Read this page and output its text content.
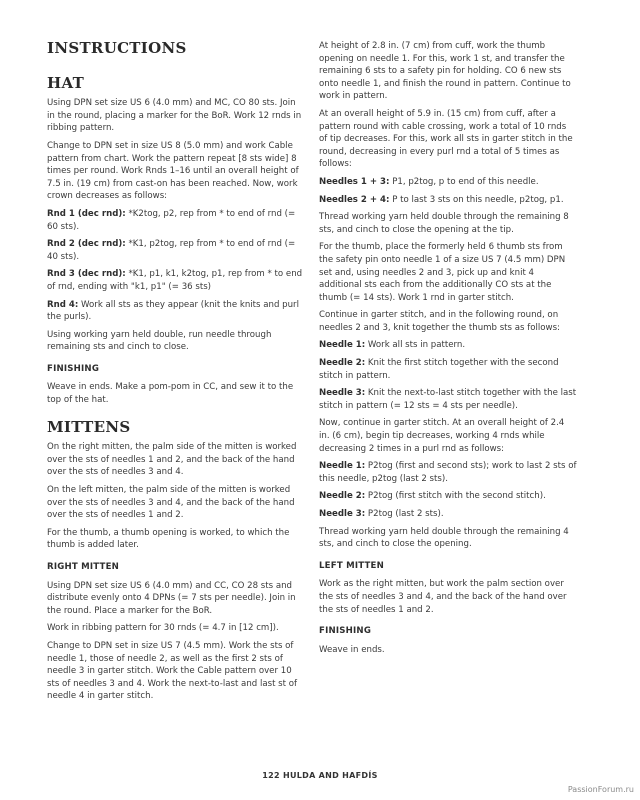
INSTRUCTIONS
HAT

Using DPN set size US 6 (4.0 mm) and MC, CO 80 sts. Join in the round, placing a marker for the BoR. Work 12 rnds in ribbing pattern.

Change to DPN set in size US 8 (5.0 mm) and work Cable pattern from chart. Work the pattern repeat [8 sts wide] 8 times per round. Work Rnds 1–16 until an overall height of 7.5 in. (19 cm) from cast-on has been reached. Now, work crown decreases as follows:

Rnd 1 (dec rnd): *K2tog, p2, rep from * to end of rnd (= 60 sts).

Rnd 2 (dec rnd): *K1, p2tog, rep from * to end of rnd (= 40 sts).

Rnd 3 (dec rnd): *K1, p1, k1, k2tog, p1, rep from * to end of rnd, ending with "k1, p1" (= 36 sts)

Rnd 4: Work all sts as they appear (knit the knits and purl the purls).

Using working yarn held double, run needle through remaining sts and cinch to close.

FINISHING

Weave in ends. Make a pom-pom in CC, and sew it to the top of the hat.

MITTENS

On the right mitten, the palm side of the mitten is worked over the sts of needles 1 and 2, and the back of the hand over the sts of needles 3 and 4.

On the left mitten, the palm side of the mitten is worked over the sts of needles 3 and 4, and the back of the hand over the sts of needles 1 and 2.

For the thumb, a thumb opening is worked, to which the thumb is added later.

RIGHT MITTEN

Using DPN set size US 6 (4.0 mm) and CC, CO 28 sts and distribute evenly onto 4 DPNs (= 7 sts per needle). Join in the round. Place a marker for the BoR.

Work in ribbing pattern for 30 rnds (= 4.7 in [12 cm]).

Change to DPN set in size US 7 (4.5 mm). Work the sts of needle 1, those of needle 2, as well as the first 2 sts of needle 3 in garter stitch. Work the Cable pattern over 10 sts of needles 3 and 4. Work the next-to-last and last st of needle 4 in garter stitch.

At height of 2.8 in. (7 cm) from cuff, work the thumb opening on needle 1. For this, work 1 st, and transfer the remaining 6 sts to a safety pin for holding. CO 6 new sts onto needle 1, and finish the round in pattern. Continue to work in pattern.

At an overall height of 5.9 in. (15 cm) from cuff, after a pattern round with cable crossing, work a total of 10 rnds of tip decreases. For this, work all sts in garter stitch in the round, decreasing in every purl rnd a total of 5 times as follows:

Needles 1 + 3: P1, p2tog, p to end of this needle.

Needles 2 + 4: P to last 3 sts on this needle, p2tog, p1.

Thread working yarn held double through the remaining 8 sts, and cinch to close the opening at the tip.

For the thumb, place the formerly held 6 thumb sts from the safety pin onto needle 1 of a size US 7 (4.5 mm) DPN set and, using needles 2 and 3, pick up and knit 4 additional sts each from the additionally CO sts at the thumb (= 14 sts). Work 1 rnd in garter stitch.

Continue in garter stitch, and in the following round, on needles 2 and 3, knit together the thumb sts as follows:

Needle 1: Work all sts in pattern.

Needle 2: Knit the first stitch together with the second stitch in pattern.

Needle 3: Knit the next-to-last stitch together with the last stitch in pattern (= 12 sts = 4 sts per needle).

Now, continue in garter stitch. At an overall height of 2.4 in. (6 cm), begin tip decreases, working 4 rnds while decreasing 2 times in a purl rnd as follows:

Needle 1: P2tog (first and second sts); work to last 2 sts of this needle, p2tog (last 2 sts).

Needle 2: P2tog (first stitch with the second stitch).

Needle 3: P2tog (last 2 sts).

Thread working yarn held double through the remaining 4 sts, and cinch to close the opening.

LEFT MITTEN

Work as the right mitten, but work the palm section over the sts of needles 3 and 4, and the back of the hand over the sts of needles 1 and 2.

FINISHING

Weave in ends.

122 HULDA AND HAFDÍS
PassionForum.ru
